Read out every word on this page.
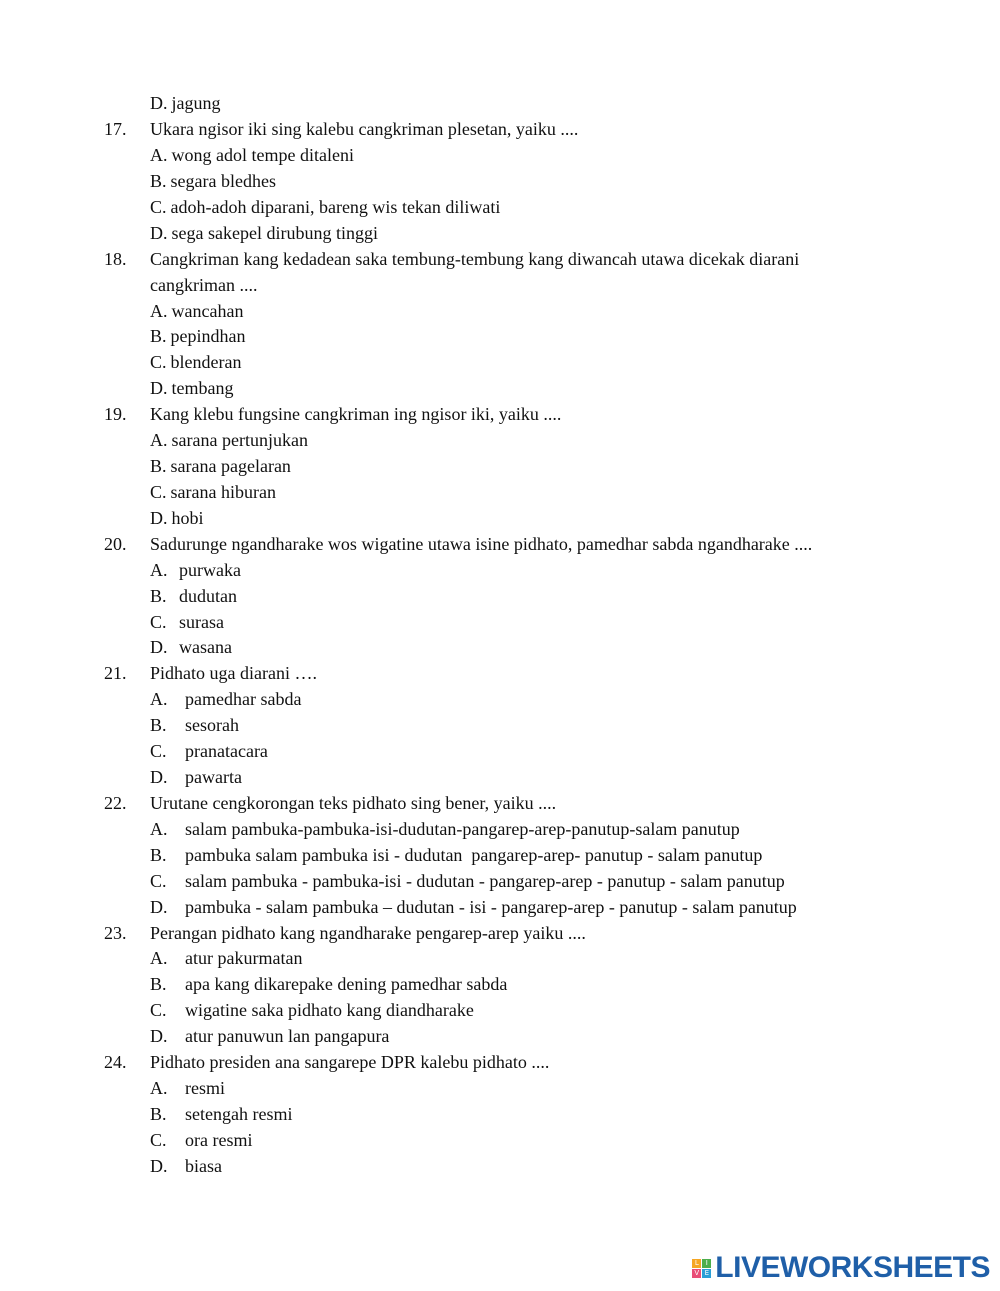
D. jagung
17. Ukara ngisor iki sing kalebu cangkriman plesetan, yaiku ....
A. wong adol tempe ditaleni
B. segara bledhes
C. adoh-adoh diparani, bareng wis tekan diliwati
D. sega sakepel dirubung tinggi
18. Cangkriman kang kedadean saka tembung-tembung kang diwancah utawa dicekak diarani
cangkriman ....
A. wancahan
B. pepindhan
C. blenderan
D. tembang
19. Kang klebu fungsine cangkriman ing ngisor iki, yaiku ....
A. sarana pertunjukan
B. sarana pagelaran
C. sarana hiburan
D. hobi
20. Sadurunge ngandharake wos wigatine utawa isine pidhato, pamedhar sabda ngandharake ....
A. purwaka
B. dudutan
C. surasa
D. wasana
21. Pidhato uga diarani ….
A. pamedhar sabda
B. sesorah
C. pranatacara
D. pawarta
22. Urutane cengkorongan teks pidhato sing bener, yaiku ....
A. salam pambuka-pambuka-isi-dudutan-pangarep-arep-panutup-salam panutup
B. pambuka salam pambuka isi - dudutan  pangarep-arep- panutup - salam panutup
C. salam pambuka - pambuka-isi - dudutan - pangarep-arep - panutup - salam panutup
D. pambuka - salam pambuka – dudutan - isi - pangarep-arep - panutup - salam panutup
23. Perangan pidhato kang ngandharake pengarep-arep yaiku ....
A. atur pakurmatan
B. apa kang dikarepake dening pamedhar sabda
C. wigatine saka pidhato kang diandharake
D. atur panuwun lan pangapura
24. Pidhato presiden ana sangarepe DPR kalebu pidhato ....
A. resmi
B. setengah resmi
C. ora resmi
D. biasa
L	I
V E LIVEWORKSHEETS
